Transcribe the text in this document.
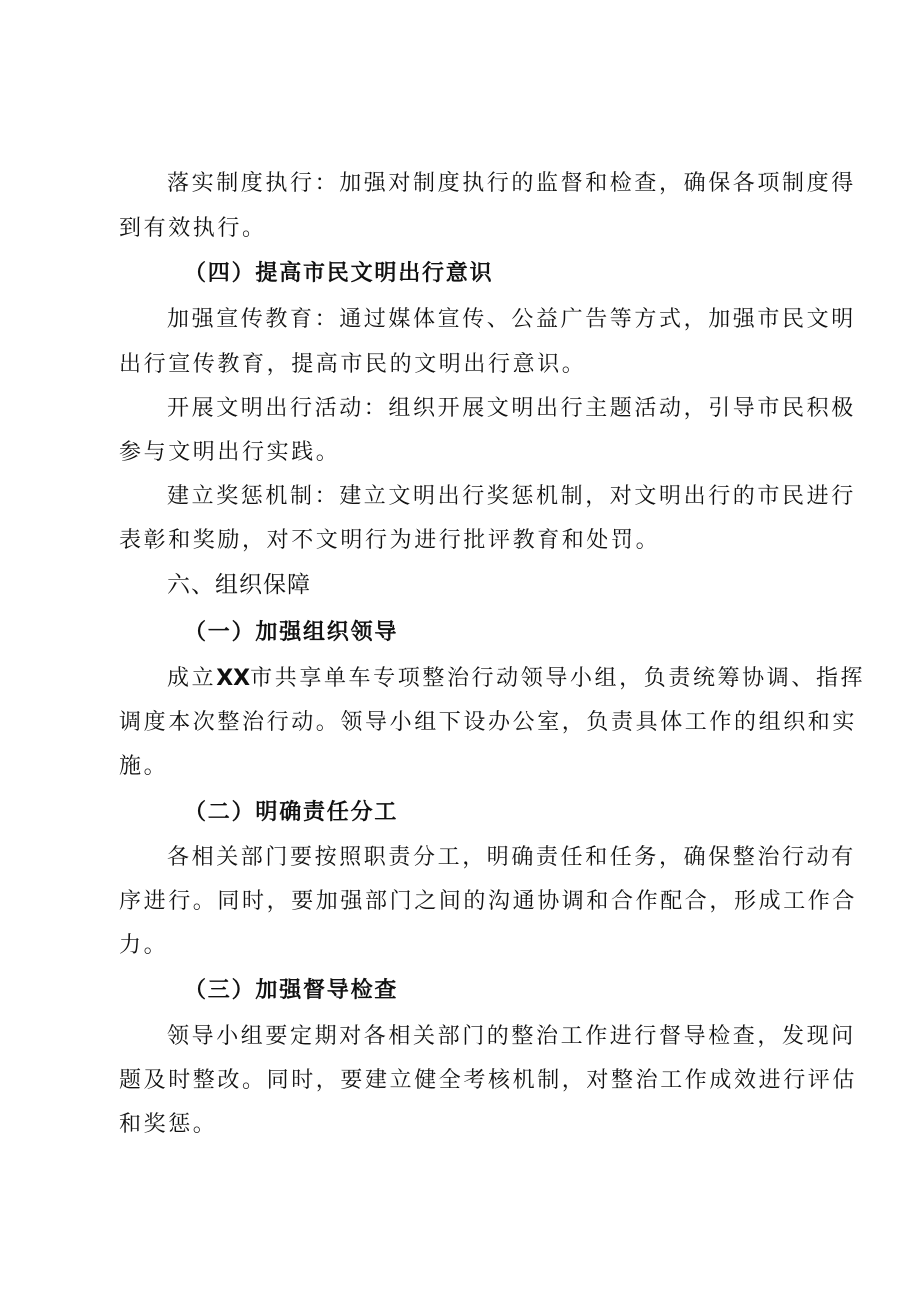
落实制度执行：加强对制度执行的监督和检查，确保各项制度得

到有效执行。

（四）提高市民文明出行意识

加强宣传教育：通过媒体宣传、公益广告等方式，加强市民文明

出行宣传教育，提高市民的文明出行意识。

开展文明出行活动：组织开展文明出行主题活动，引导市民积极

参与文明出行实践。

建立奖惩机制：建立文明出行奖惩机制，对文明出行的市民进行

表彰和奖励，对不文明行为进行批评教育和处罚。

六、组织保障

（一）加强组织领导

成立XX市共享单车专项整治行动领导小组，负责统筹协调、指挥

调度本次整治行动。领导小组下设办公室，负责具体工作的组织和实

施。

（二）明确责任分工

各相关部门要按照职责分工，明确责任和任务，确保整治行动有

序进行。同时，要加强部门之间的沟通协调和合作配合，形成工作合

力。

（三）加强督导检查

领导小组要定期对各相关部门的整治工作进行督导检查，发现问

题及时整改。同时，要建立健全考核机制，对整治工作成效进行评估

和奖惩。
